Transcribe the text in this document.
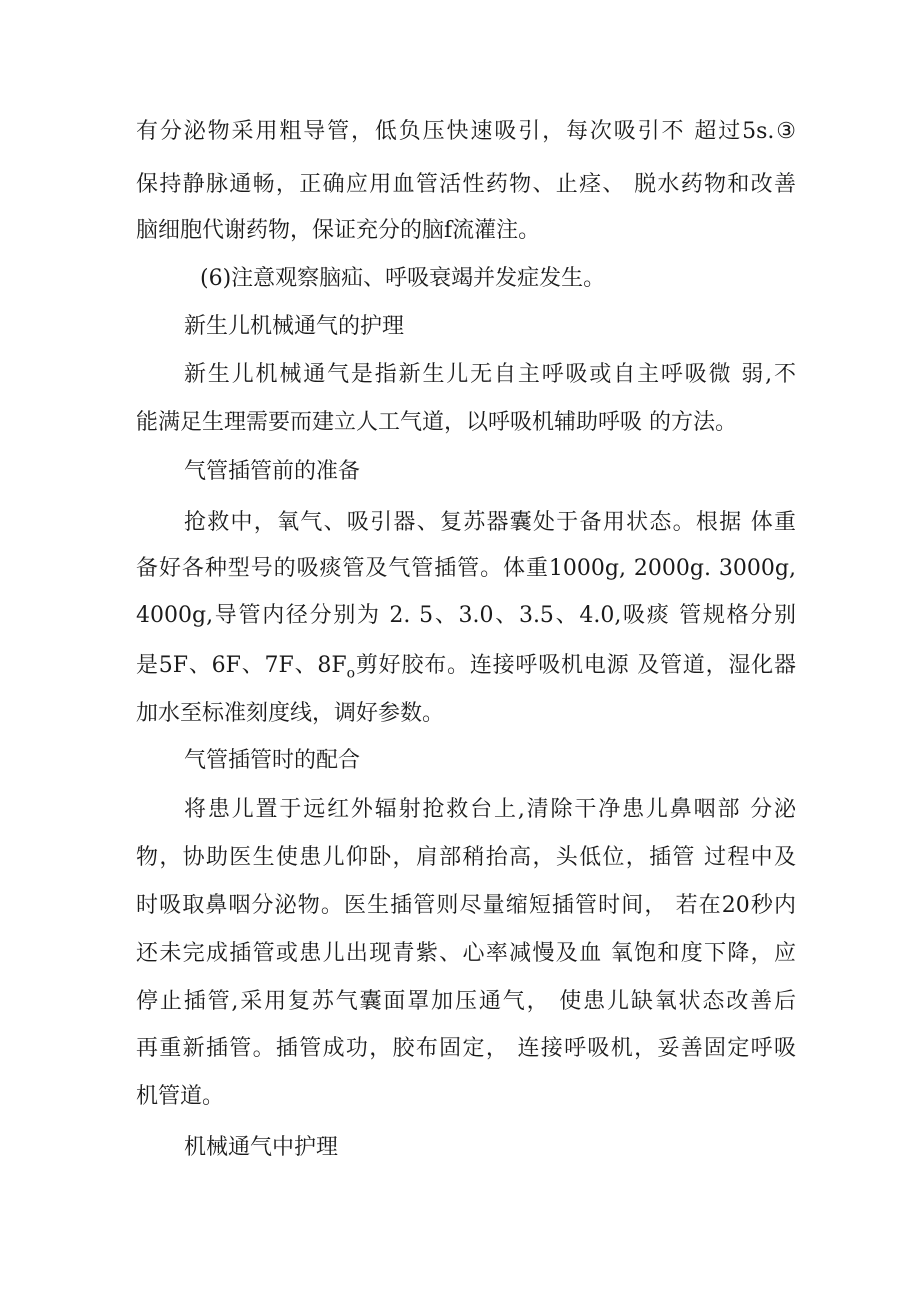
有分泌物采用粗导管，低负压快速吸引，每次吸引不 超过5s.③
保持静脉通畅，正确应用血管活性药物、止痉、 脱水药物和改善
脑细胞代谢药物，保证充分的脑f流灌注。
(6)注意观察脑疝、呼吸衰竭并发症发生。
新生儿机械通气的护理
新生儿机械通气是指新生儿无自主呼吸或自主呼吸微 弱,不
能满足生理需要而建立人工气道，以呼吸机辅助呼吸 的方法。
气管插管前的准备
抢救中，氧气、吸引器、复苏器囊处于备用状态。根据 体重
备好各种型号的吸痰管及气管插管。体重1000g, 2000g. 3000g,
4000g,导管内径分别为 2. 5、3.0、3.5、4.0,吸痰 管规格分别
是5F、6F、7F、$8F_o$剪好胶布。连接呼吸机电源 及管道，湿化器
加水至标准刻度线，调好参数。
气管插管时的配合
将患儿置于远红外辐射抢救台上,清除干净患儿鼻咽部 分泌
物，协助医生使患儿仰卧，肩部稍抬高，头低位，插管 过程中及
时吸取鼻咽分泌物。医生插管则尽量缩短插管时间， 若在20秒内
还未完成插管或患儿出现青紫、心率减慢及血 氧饱和度下降，应
停止插管,采用复苏气囊面罩加压通气， 使患儿缺氧状态改善后
再重新插管。插管成功，胶布固定， 连接呼吸机，妥善固定呼吸
机管道。
机械通气中护理
